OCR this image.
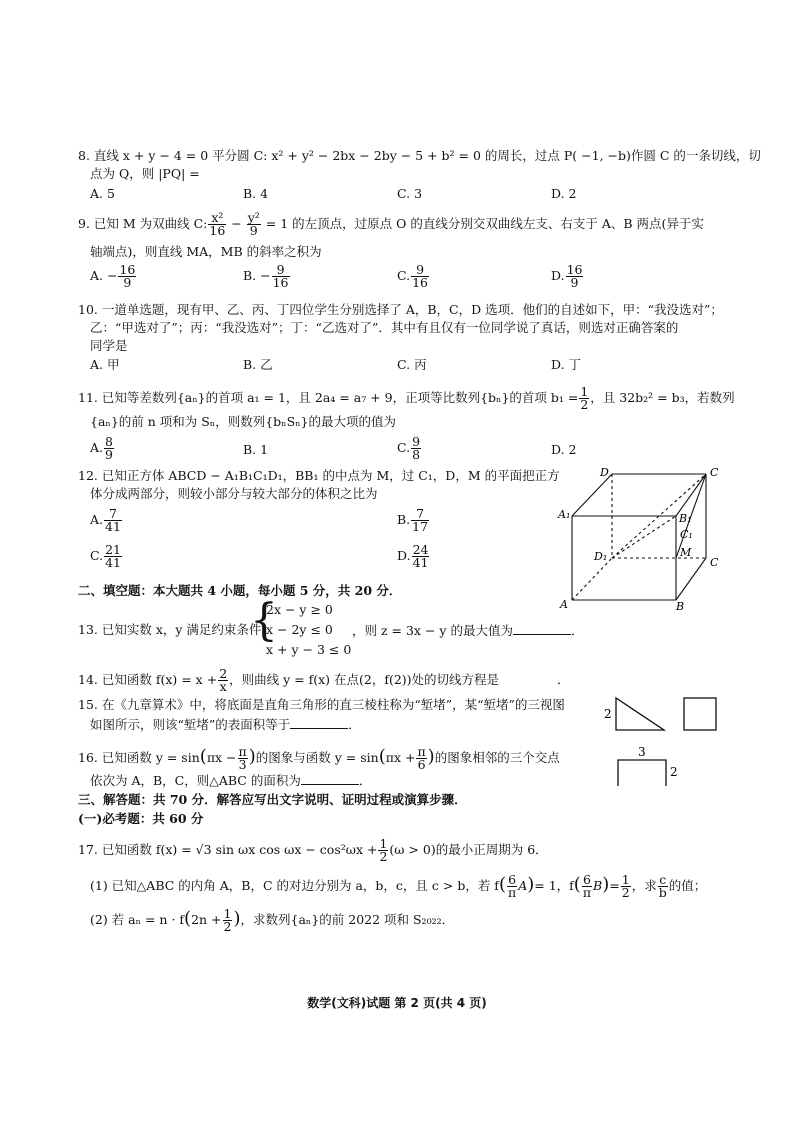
8. 直线 x + y − 4 = 0 平分圆 C: x² + y² − 2bx − 2by − 5 + b² = 0 的周长，过点 P( −1, −b)作圆 C 的一条切线，切
点为 Q，则 |PQ| =
A. 5	B. 4	C. 3	D. 2
9. 已知 M 为双曲线 C: $\frac{\text{x²}}{16} - \frac{\text{y²}}{9} = 1$ 的左顶点，过原点 O 的直线分别交双曲线左支、右支于 A、B 两点(异于实
轴端点)，则直线 MA，MB 的斜率之积为
A. − $\frac{16}{9}$	B. − $\frac{9}{16}$	C. $\frac{9}{16}$	D. $\frac{16}{9}$
10. 一道单选题，现有甲、乙、丙、丁四位学生分别选择了 A，B，C，D 选项．他们的自述如下，甲：“我没选对”；
乙：“甲选对了”；丙：“我没选对”；丁：“乙选对了”．其中有且仅有一位同学说了真话，则选对正确答案的
同学是
A. 甲	B. 乙	C. 丙	D. 丁
11. 已知等差数列{aₙ}的首项 a₁ = 1，且 2a₄ = a₇ + 9，正项等比数列{bₙ}的首项 $b_1 = \frac{1}{2}$ ，且 32b₂² = b₃，若数列
{aₙ}的前 n 项和为 Sₙ，则数列{bₙSₙ}的最大项的值为
A. $\frac{8}{9}$	B. 1	C. $\frac{9}{8}$	D. 2
12. 已知正方体 ABCD − A₁B₁C₁D₁，BB₁ 的中点为 M，过 C₁，D，M 的平面把正方
体分成两部分，则较小部分与较大部分的体积之比为
A. $\frac{7}{41}$	B. $\frac{7}{17}$
C. $\frac{21}{41}$	D. $\frac{24}{41}$
D	C
A	B
A₁	B₁
D₁
C₁
M
C
二、填空题：本大题共 4 小题，每小题 5 分，共 20 分．
13. 已知实数 x，y 满足约束条件
{
2x − y ≥ 0
x − 2y ≤ 0
x + y − 3 ≤ 0
，则 z = 3x − y 的最大值为	．
14. 已知函数 $f(x) = x + \frac{2}{x}$ ，则曲线 y = f(x) 在点(2，f(2))处的切线方程是	．
15. 在《九章算术》中，将底面是直角三角形的直三棱柱称为“堑堵”，某“堑堵”的三视图
如图所示，则该“堑堵”的表面积等于	．
2
3
2
16. 已知函数 $y = \sin(\pi x - \frac{\pi}{3}$ )的图象与函数 $y = \sin(\pi x + \frac{\pi}{6}$ )的图象相邻的三个交点
依次为 A，B，C，则△ABC 的面积为	．
三、解答题：共 70 分．解答应写出文字说明、证明过程或演算步骤．
(一)必考题：共 60 分
17. 已知函数 f(x) = √3 sin ωx $\cos \omega x - \cos^2\omega x + \frac{1}{2} (\omega > 0)$的最小正周期为 6．
(1) 已知△ABC 的内角 A，B，C 的对边分别为 a，b，c，且 c > b，若 $f( \frac{6}{\pi} A)= 1$，$f( \frac{6}{\pi} B)= \frac{1}{2}$ ，求 $\frac{c}{b}$ 的值；
(2) 若 $a_n = n \cdot f(2n + \frac{1}{2}$ )，求数列{aₙ}的前 2022 项和 S₂₀₂₂．
数学(文科)试题 第 2 页(共 4 页)
